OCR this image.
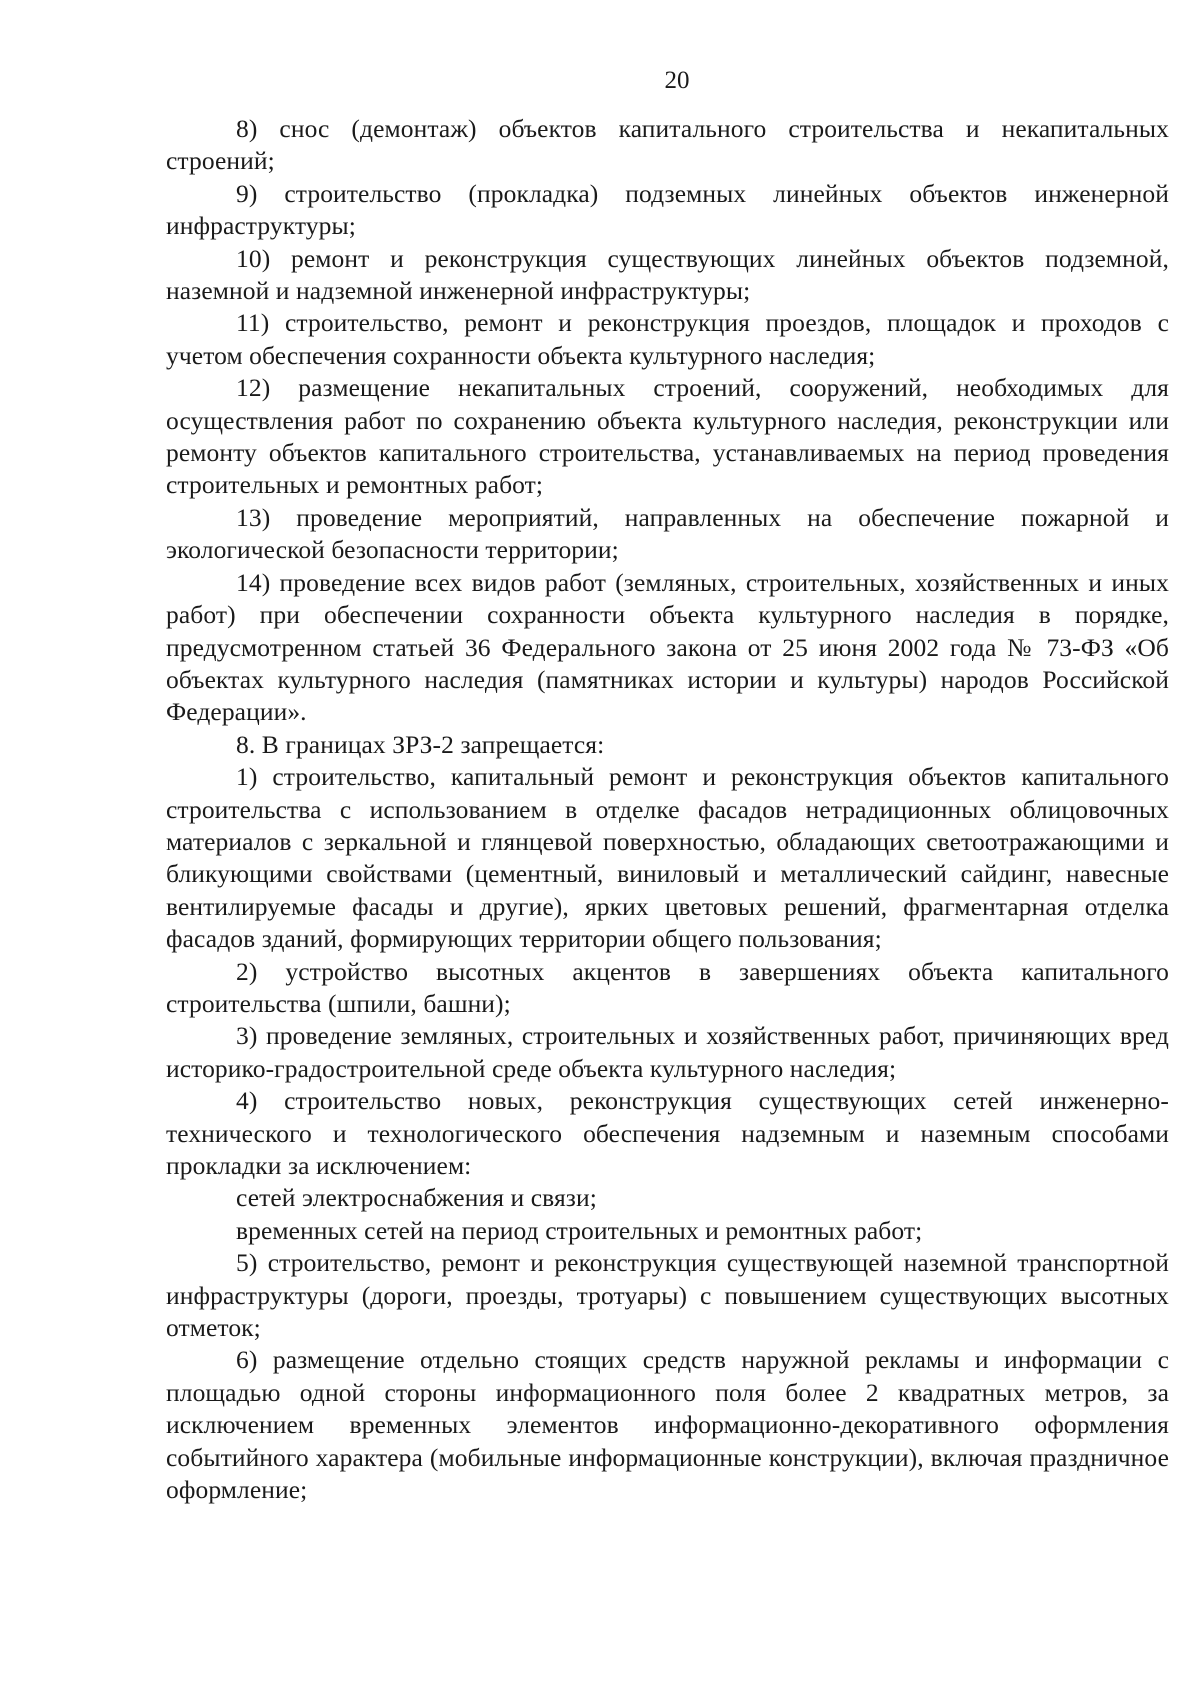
20

8) снос (демонтаж) объектов капитального строительства и некапитальных строений;

9) строительство (прокладка) подземных линейных объектов инженерной инфраструктуры;

10) ремонт и реконструкция существующих линейных объектов подземной, наземной и надземной инженерной инфраструктуры;

11) строительство, ремонт и реконструкция проездов, площадок и проходов с учетом обеспечения сохранности объекта культурного наследия;

12) размещение некапитальных строений, сооружений, необходимых для осуществления работ по сохранению объекта культурного наследия, реконструкции или ремонту объектов капитального строительства, устанавливаемых на период проведения строительных и ремонтных работ;

13) проведение мероприятий, направленных на обеспечение пожарной и экологической безопасности территории;

14) проведение всех видов работ (земляных, строительных, хозяйственных и иных работ) при обеспечении сохранности объекта культурного наследия в порядке, предусмотренном статьей 36 Федерального закона от 25 июня 2002 года № 73-ФЗ «Об объектах культурного наследия (памятниках истории и культуры) народов Российской Федерации».

8. В границах ЗРЗ-2 запрещается:

1) строительство, капитальный ремонт и реконструкция объектов капитального строительства с использованием в отделке фасадов нетрадиционных облицовочных материалов с зеркальной и глянцевой поверхностью, обладающих светоотражающими и бликующими свойствами (цементный, виниловый и металлический сайдинг, навесные вентилируемые фасады и другие), ярких цветовых решений, фрагментарная отделка фасадов зданий, формирующих территории общего пользования;

2) устройство высотных акцентов в завершениях объекта капитального строительства (шпили, башни);

3) проведение земляных, строительных и хозяйственных работ, причиняющих вред историко-градостроительной среде объекта культурного наследия;

4) строительство новых, реконструкция существующих сетей инженерно-технического и технологического обеспечения надземным и наземным способами прокладки за исключением:

сетей электроснабжения и связи;

временных сетей на период строительных и ремонтных работ;

5) строительство, ремонт и реконструкция существующей наземной транспортной инфраструктуры (дороги, проезды, тротуары) с повышением существующих высотных отметок;

6) размещение отдельно стоящих средств наружной рекламы и информации с площадью одной стороны информационного поля более 2 квадратных метров, за исключением временных элементов информационно-декоративного оформления событийного характера (мобильные информационные конструкции), включая праздничное оформление;
